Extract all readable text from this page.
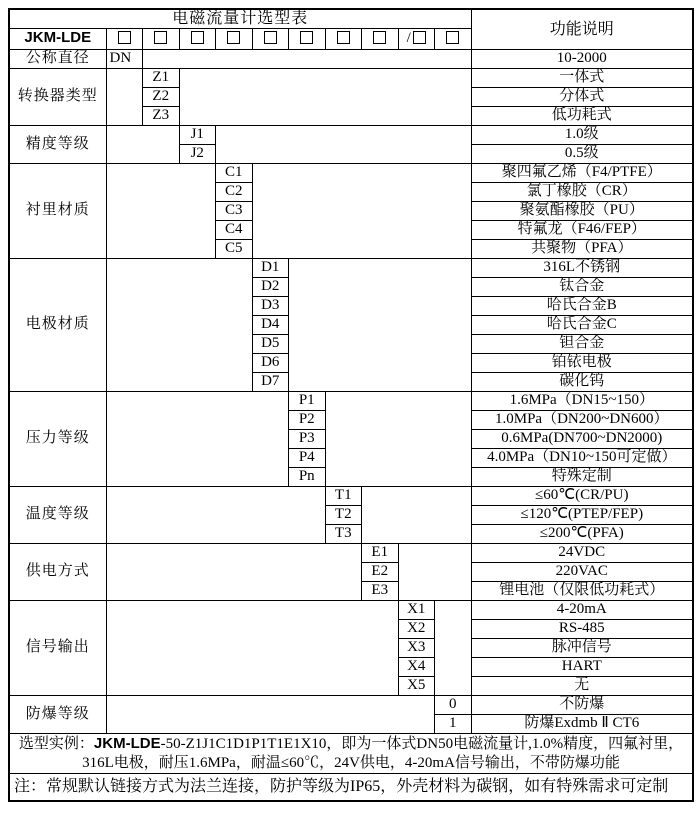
电磁流量计选型表											功能说明
JKM-LDE									/		
公称直径	DN										10-2000
转换器类型		Z1									一体式
		Z2									分体式
		Z3									低功耗式
精度等级			J1								1.0级
			J2								0.5级
衬里材质				C1							聚四氟乙烯（F4/PTFE）
				C2							氯丁橡胶（CR）
				C3							聚氨酯橡胶（PU）
				C4							特氟龙（F46/FEP）
				C5							共聚物（PFA）
电极材质					D1						316L不锈钢
					D2						钛合金
					D3						哈氏合金B
					D4						哈氏合金C
					D5						钽合金
					D6						铂铱电极
					D7						碳化钨
压力等级						P1					1.6MPa（DN15~150）
						P2					1.0MPa（DN200~DN600）
						P3					0.6MPa(DN700~DN2000)
						P4					4.0MPa（DN10~150可定做）
						Pn					特殊定制
温度等级							T1				≤60℃(CR/PU)
							T2				≤120℃(PTEP/FEP)
							T3				≤200℃(PFA)
供电方式								E1			24VDC
								E2			220VAC
								E3			锂电池（仅限低功耗式）
信号输出									X1		4-20mA
									X2		RS-485
									X3		脉冲信号
									X4		HART
									X5		无
防爆等级										0	不防爆
										1	防爆Exdmb Ⅱ CT6

选型实例：JKM-LDE-50-Z1J1C1D1P1T1E1X10，即为一体式DN50电磁流量计,1.0%精度，四氟衬里，
316L电极，耐压1.6MPa，耐温≤60℃，24V供电，4-20mA信号输出，不带防爆功能											

注：常规默认链接方式为法兰连接，防护等级为IP65，外壳材料为碳钢，如有特殊需求可定制											
